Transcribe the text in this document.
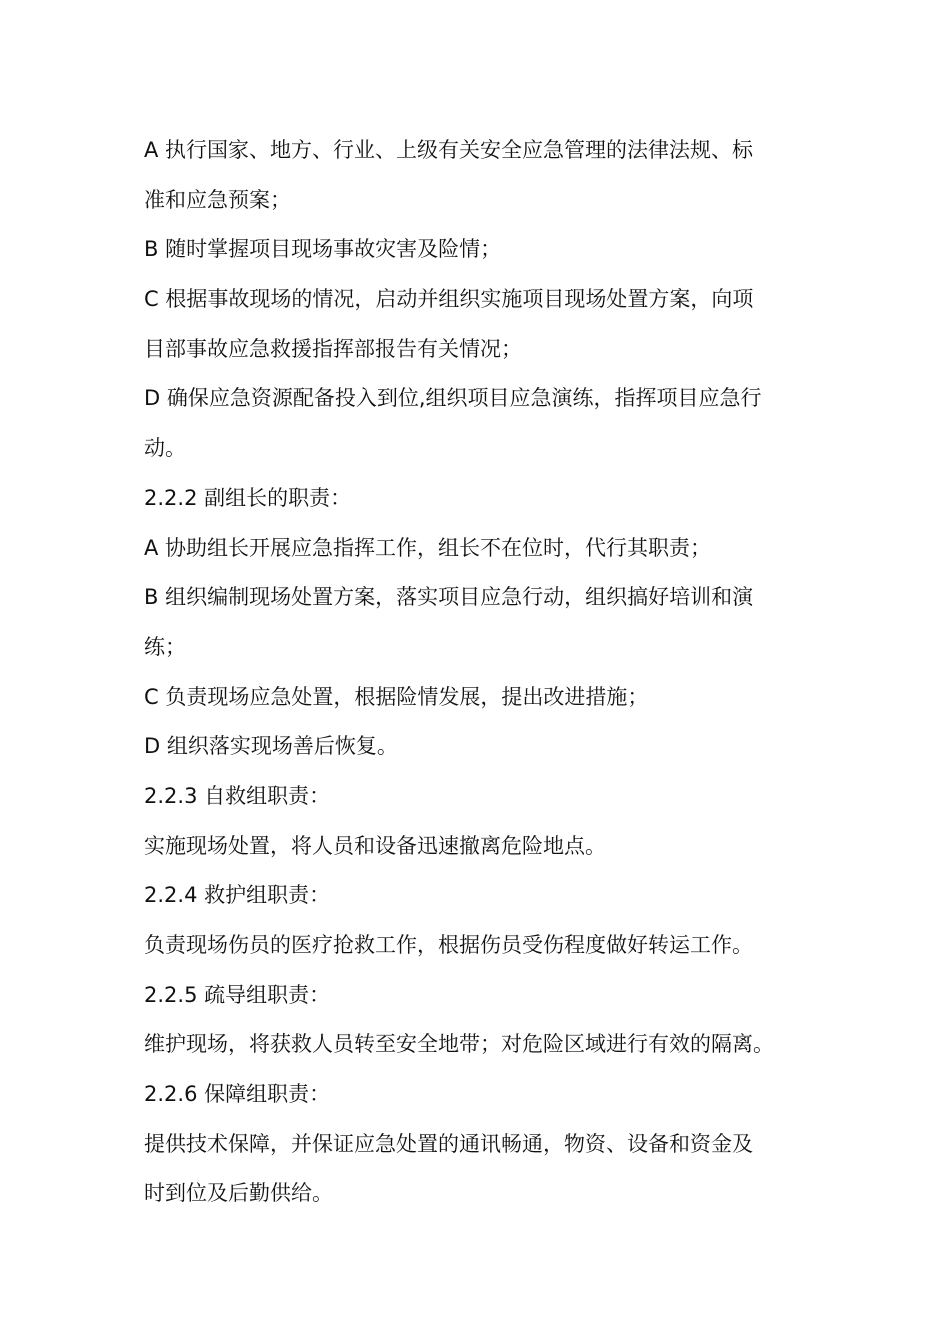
A 执行国家、地方、行业、上级有关安全应急管理的法律法规、标
准和应急预案；
B 随时掌握项目现场事故灾害及险情；
C 根据事故现场的情况，启动并组织实施项目现场处置方案，向项
目部事故应急救援指挥部报告有关情况；
D 确保应急资源配备投入到位,组织项目应急演练，指挥项目应急行
动。
2.2.2 副组长的职责：
A 协助组长开展应急指挥工作，组长不在位时，代行其职责；
B 组织编制现场处置方案，落实项目应急行动，组织搞好培训和演
练；
C 负责现场应急处置，根据险情发展，提出改进措施；
D 组织落实现场善后恢复。
2.2.3 自救组职责：
实施现场处置，将人员和设备迅速撤离危险地点。
2.2.4 救护组职责：
负责现场伤员的医疗抢救工作，根据伤员受伤程度做好转运工作。
2.2.5 疏导组职责：
维护现场，将获救人员转至安全地带；对危险区域进行有效的隔离。
2.2.6 保障组职责：
提供技术保障，并保证应急处置的通讯畅通，物资、设备和资金及
时到位及后勤供给。
